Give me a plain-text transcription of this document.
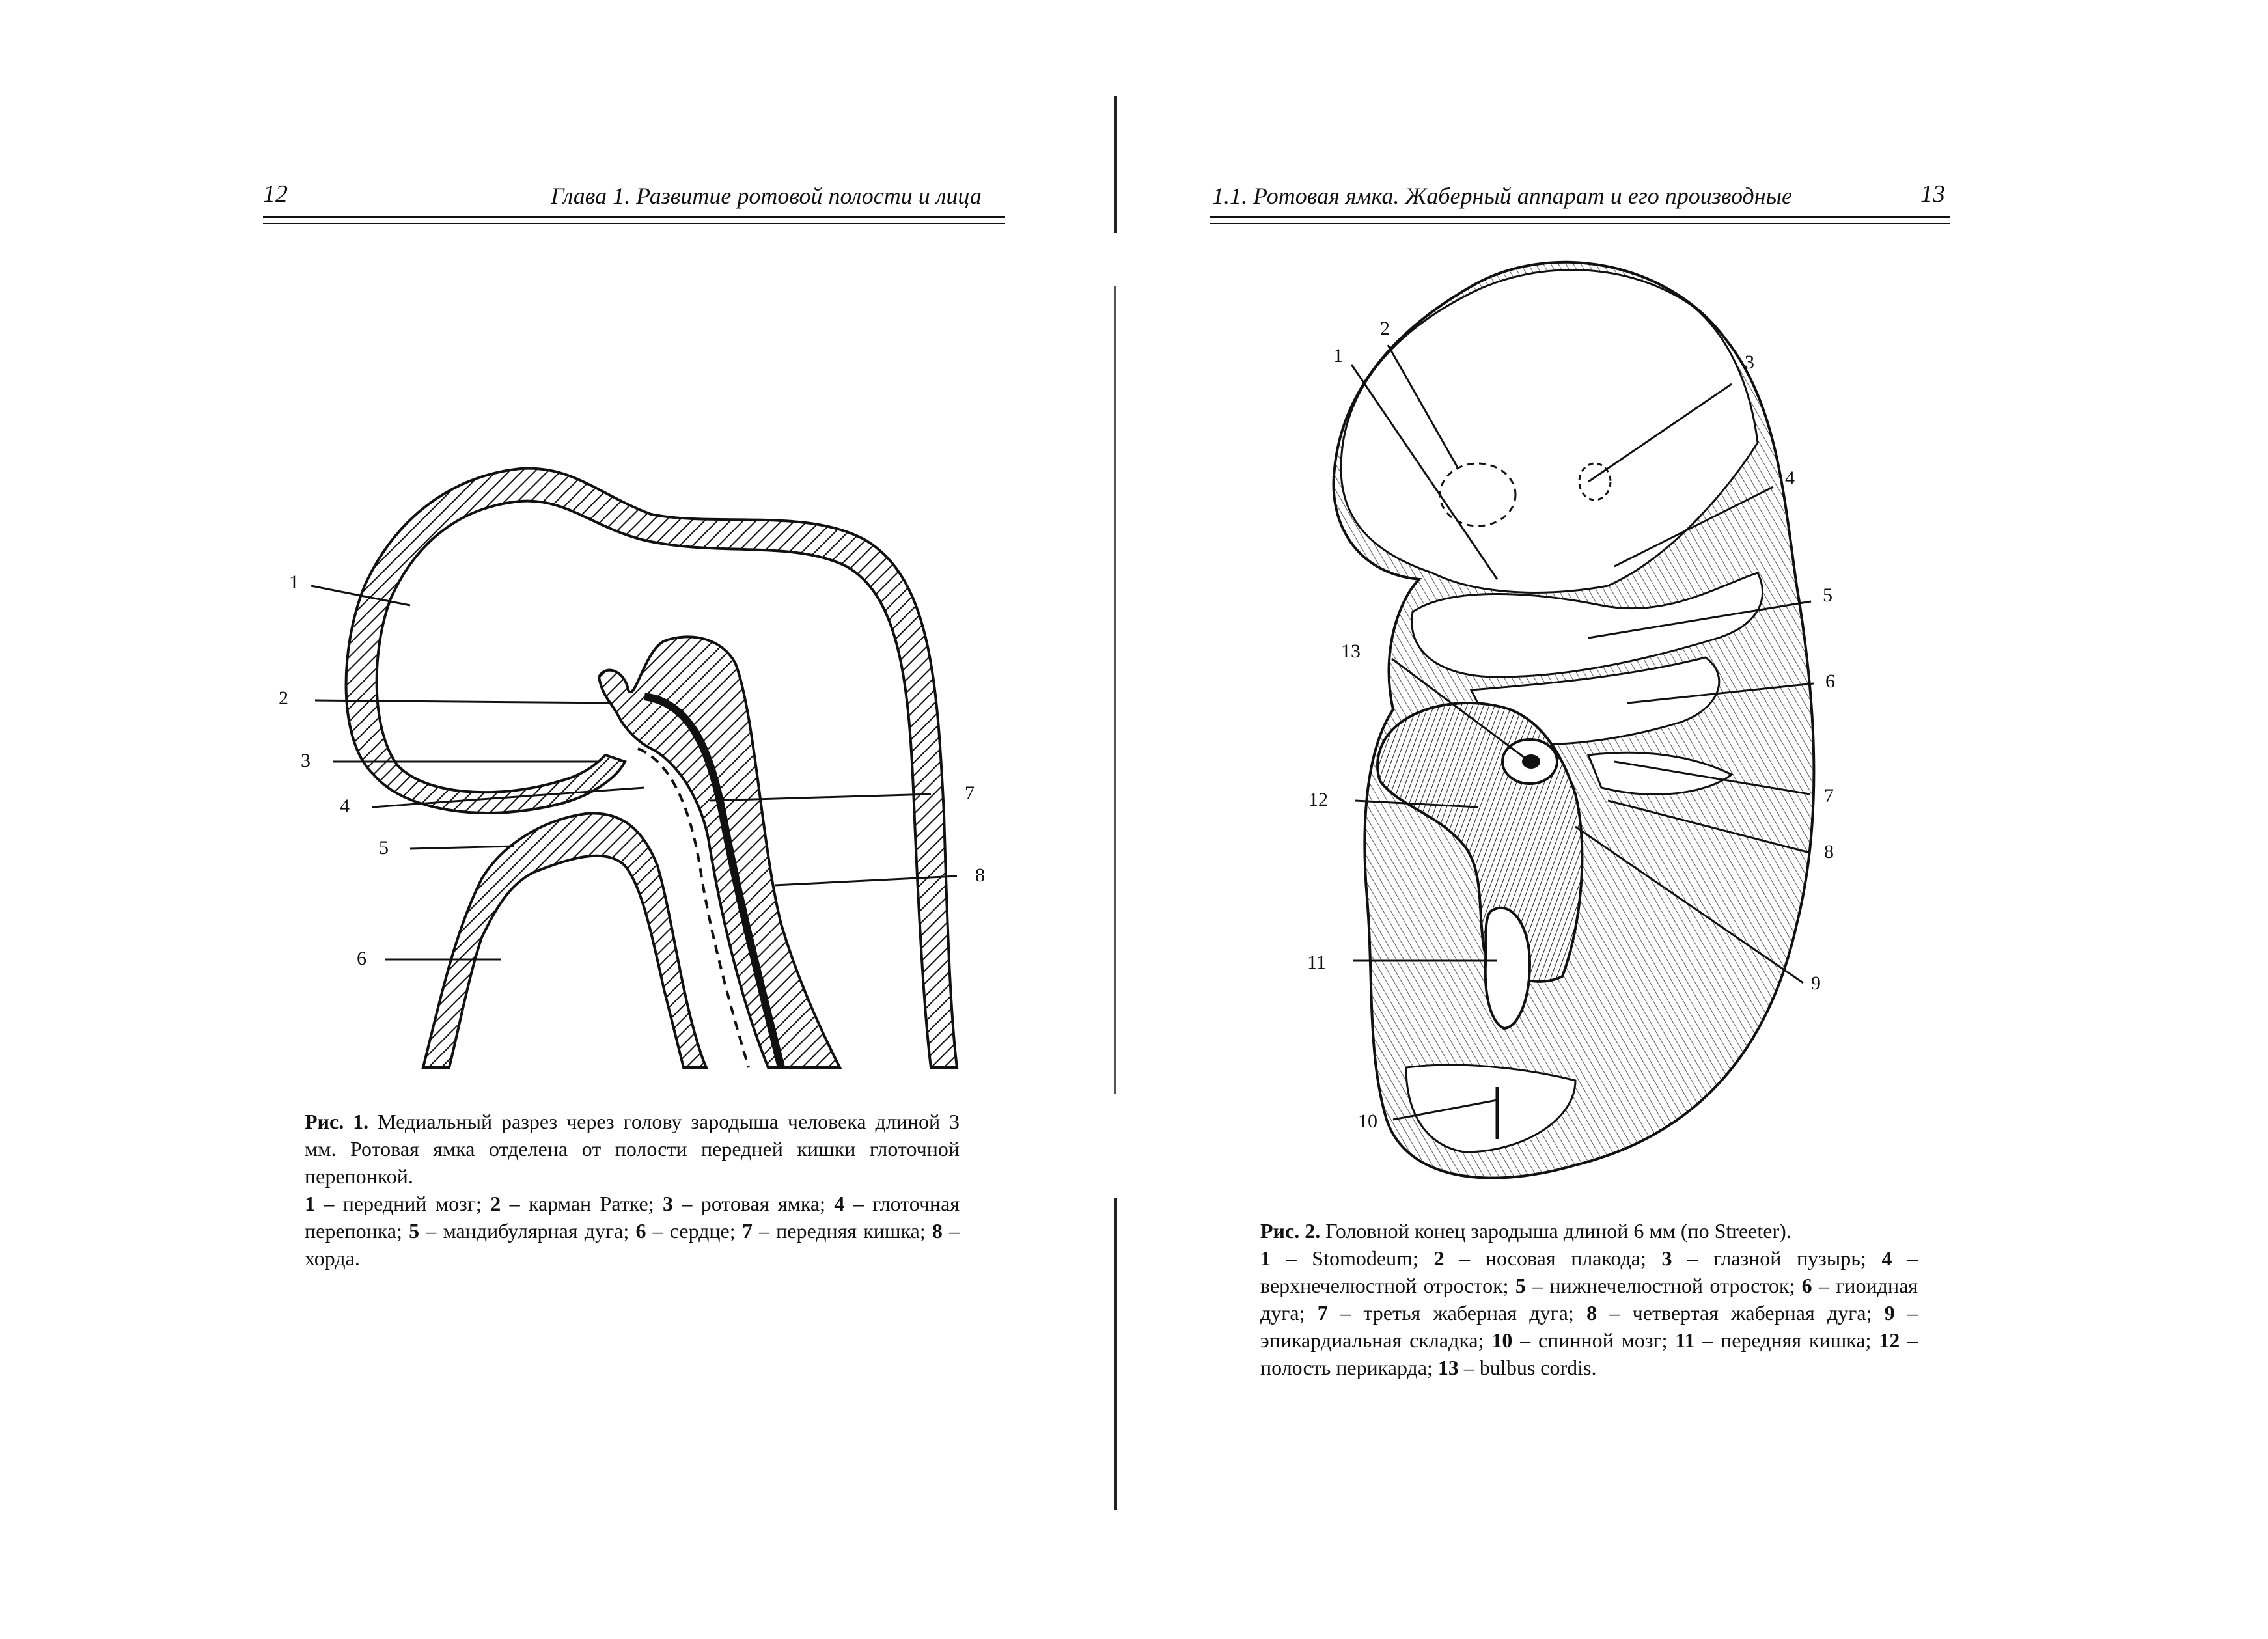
12	Глава 1. Развитие ротовой полости и лица	1.1. Ротовая ямка. Жаберный аппарат и его производные	13
1
2
3
4
5
6
7
8

Рис. 1. Медиальный разрез через голову зародыша человека длиной 3 мм. Ротовая ямка отделена от полости передней кишки глоточной перепонкой.

1 – передний мозг; 2 – карман Ратке; 3 – ротовая ямка; 4 – глоточная перепонка; 5 – мандибулярная дуга; 6 – сердце; 7 – передняя кишка; 8 – хорда.

1
2
3
4
5
6
7
8
9
10
11
12
13

Рис. 2. Головной конец зародыша длиной 6 мм (по Streeter).

1 – Stomodeum; 2 – носовая плакода; 3 – глазной пузырь; 4 – верхнечелюстной отросток; 5 – нижнечелюстной отросток; 6 – гиоидная дуга; 7 – третья жаберная дуга; 8 – четвертая жаберная дуга; 9 – эпикардиальная складка; 10 – спинной мозг; 11 – передняя кишка; 12 – полость перикарда; 13 – bulbus cordis.
